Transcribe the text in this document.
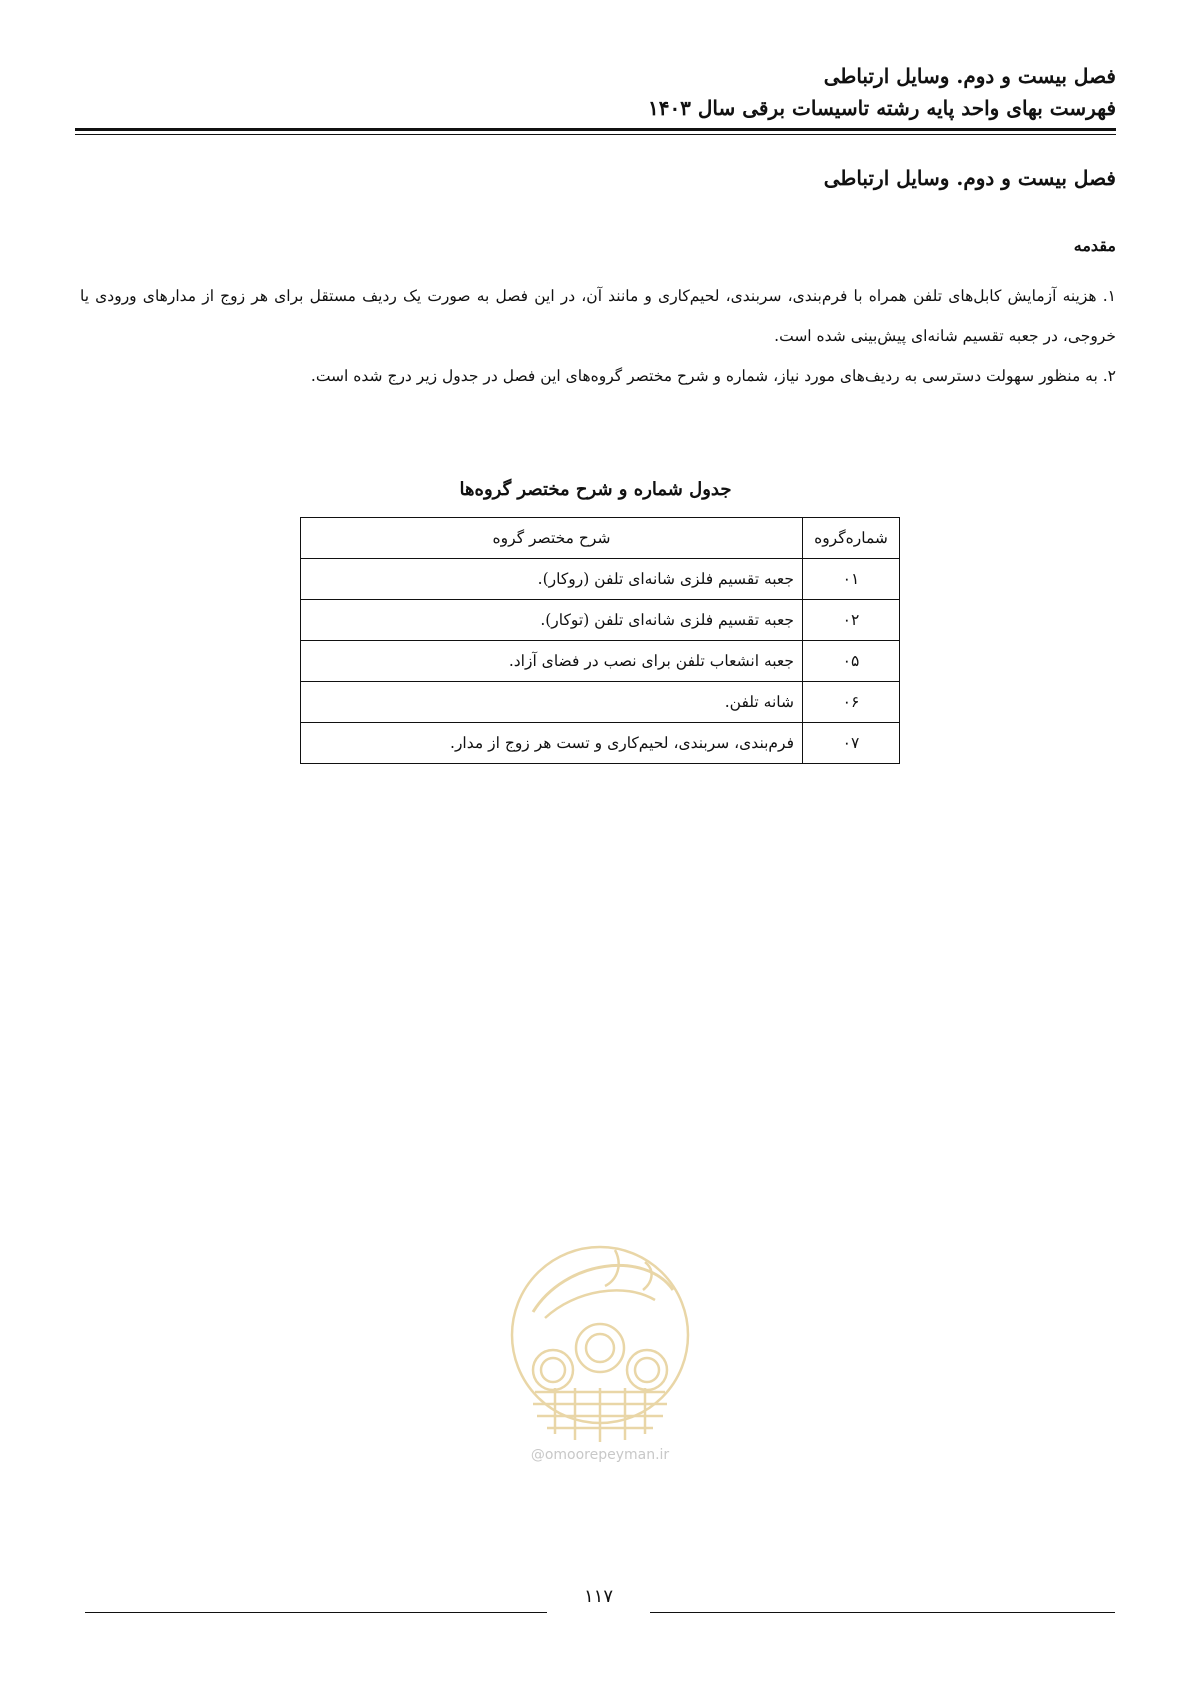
فصل بیست و دوم. وسایل ارتباطی
فهرست بهای واحد پایه رشته تاسیسات برقی سال ۱۴۰۳
فصل بیست و دوم. وسایل ارتباطی
مقدمه

۱. هزینه آزمایش کابل‌های تلفن همراه با فرم‌بندی، سربندی، لحیم‌کاری و مانند آن، در این فصل به صورت یک ردیف مستقل برای هر زوج از مدارهای ورودی یا خروجی، در جعبه تقسیم شانه‌ای پیش‌بینی شده است.

۲. به منظور سهولت دسترسی به ردیف‌های مورد نیاز، شماره و شرح مختصر گروه‌های این فصل در جدول زیر درج شده است.

جدول شماره و شرح مختصر گروه‌ها
شماره‌گروه	شرح مختصر گروه
۰۱	جعبه تقسیم فلزی شانه‌ای تلفن (روکار).
۰۲	جعبه تقسیم فلزی شانه‌ای تلفن (توکار).
۰۵	جعبه انشعاب تلفن برای نصب در فضای آزاد.
۰۶	شانه تلفن.
۰۷	فرم‌بندی، سربندی، لحیم‌کاری و تست هر زوج از مدار.
@omoorepeyman.ir
۱۱۷
